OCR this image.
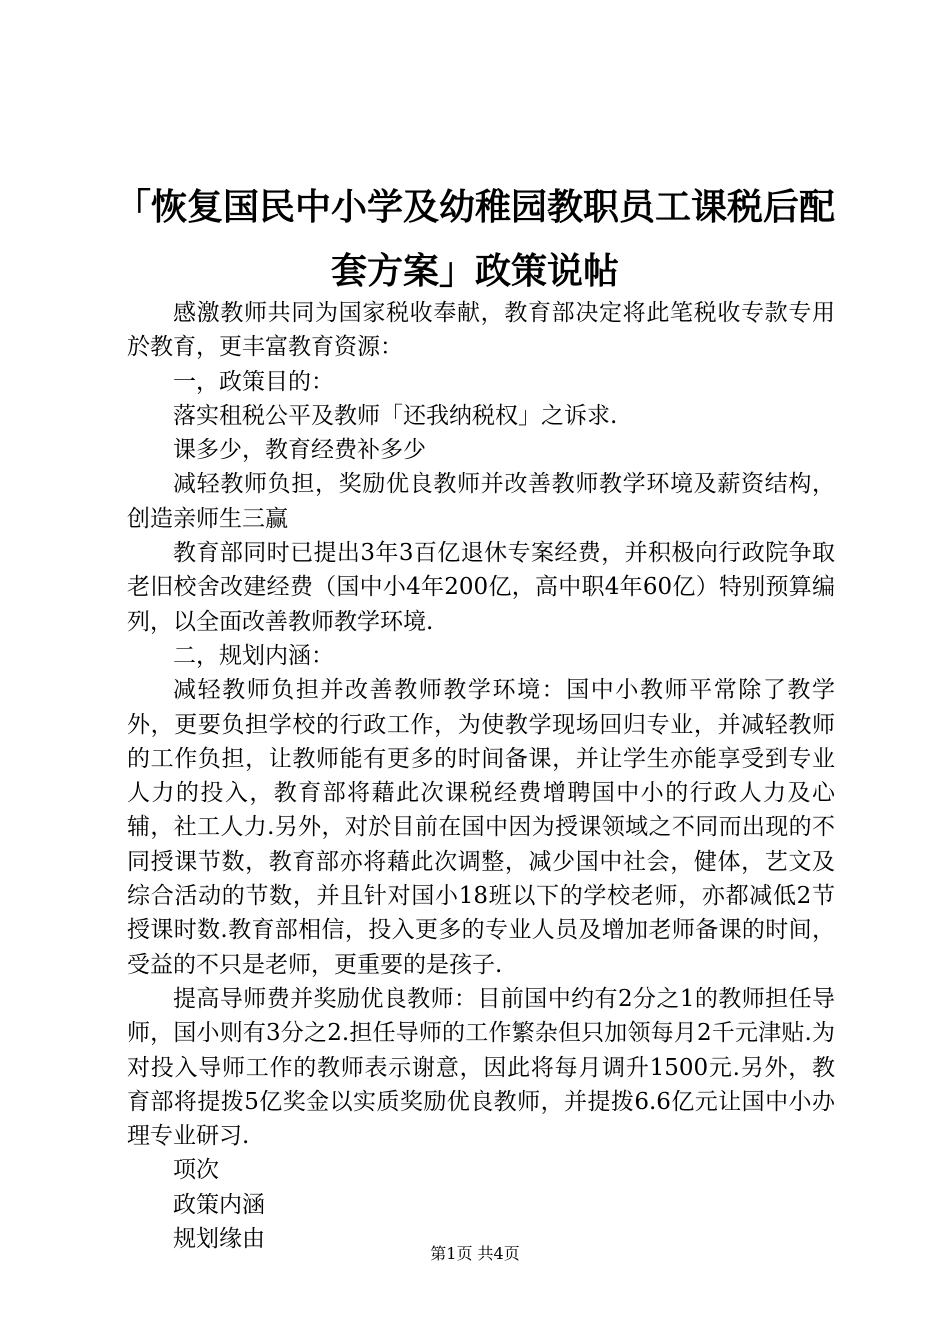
「恢复国民中小学及幼稚园教职员工课税后配
套方案」政策说帖

感激教师共同为国家税收奉献，教育部决定将此笔税收专款专用於教育，更丰富教育资源：

一，政策目的：

落实租税公平及教师「还我纳税权」之诉求.

课多少，教育经费补多少

减轻教师负担，奖励优良教师并改善教师教学环境及薪资结构，创造亲师生三赢

教育部同时已提出3年3百亿退休专案经费，并积极向行政院争取老旧校舍改建经费（国中小4年200亿，高中职4年60亿）特别预算编列，以全面改善教师教学环境.

二，规划内涵：

减轻教师负担并改善教师教学环境：国中小教师平常除了教学外，更要负担学校的行政工作，为使教学现场回归专业，并减轻教师的工作负担，让教师能有更多的时间备课，并让学生亦能享受到专业人力的投入，教育部将藉此次课税经费增聘国中小的行政人力及心辅，社工人力.另外，对於目前在国中因为授课领域之不同而出现的不同授课节数，教育部亦将藉此次调整，减少国中社会，健体，艺文及综合活动的节数，并且针对国小18班以下的学校老师，亦都减低2节授课时数.教育部相信，投入更多的专业人员及增加老师备课的时间，受益的不只是老师，更重要的是孩子.

提高导师费并奖励优良教师：目前国中约有2分之1的教师担任导师，国小则有3分之2.担任导师的工作繁杂但只加领每月2千元津贴.为对投入导师工作的教师表示谢意，因此将每月调升1500元.另外，教育部将提拨5亿奖金以实质奖励优良教师，并提拨6.6亿元让国中小办理专业研习.

项次

政策内涵

规划缘由

第1页 共4页
